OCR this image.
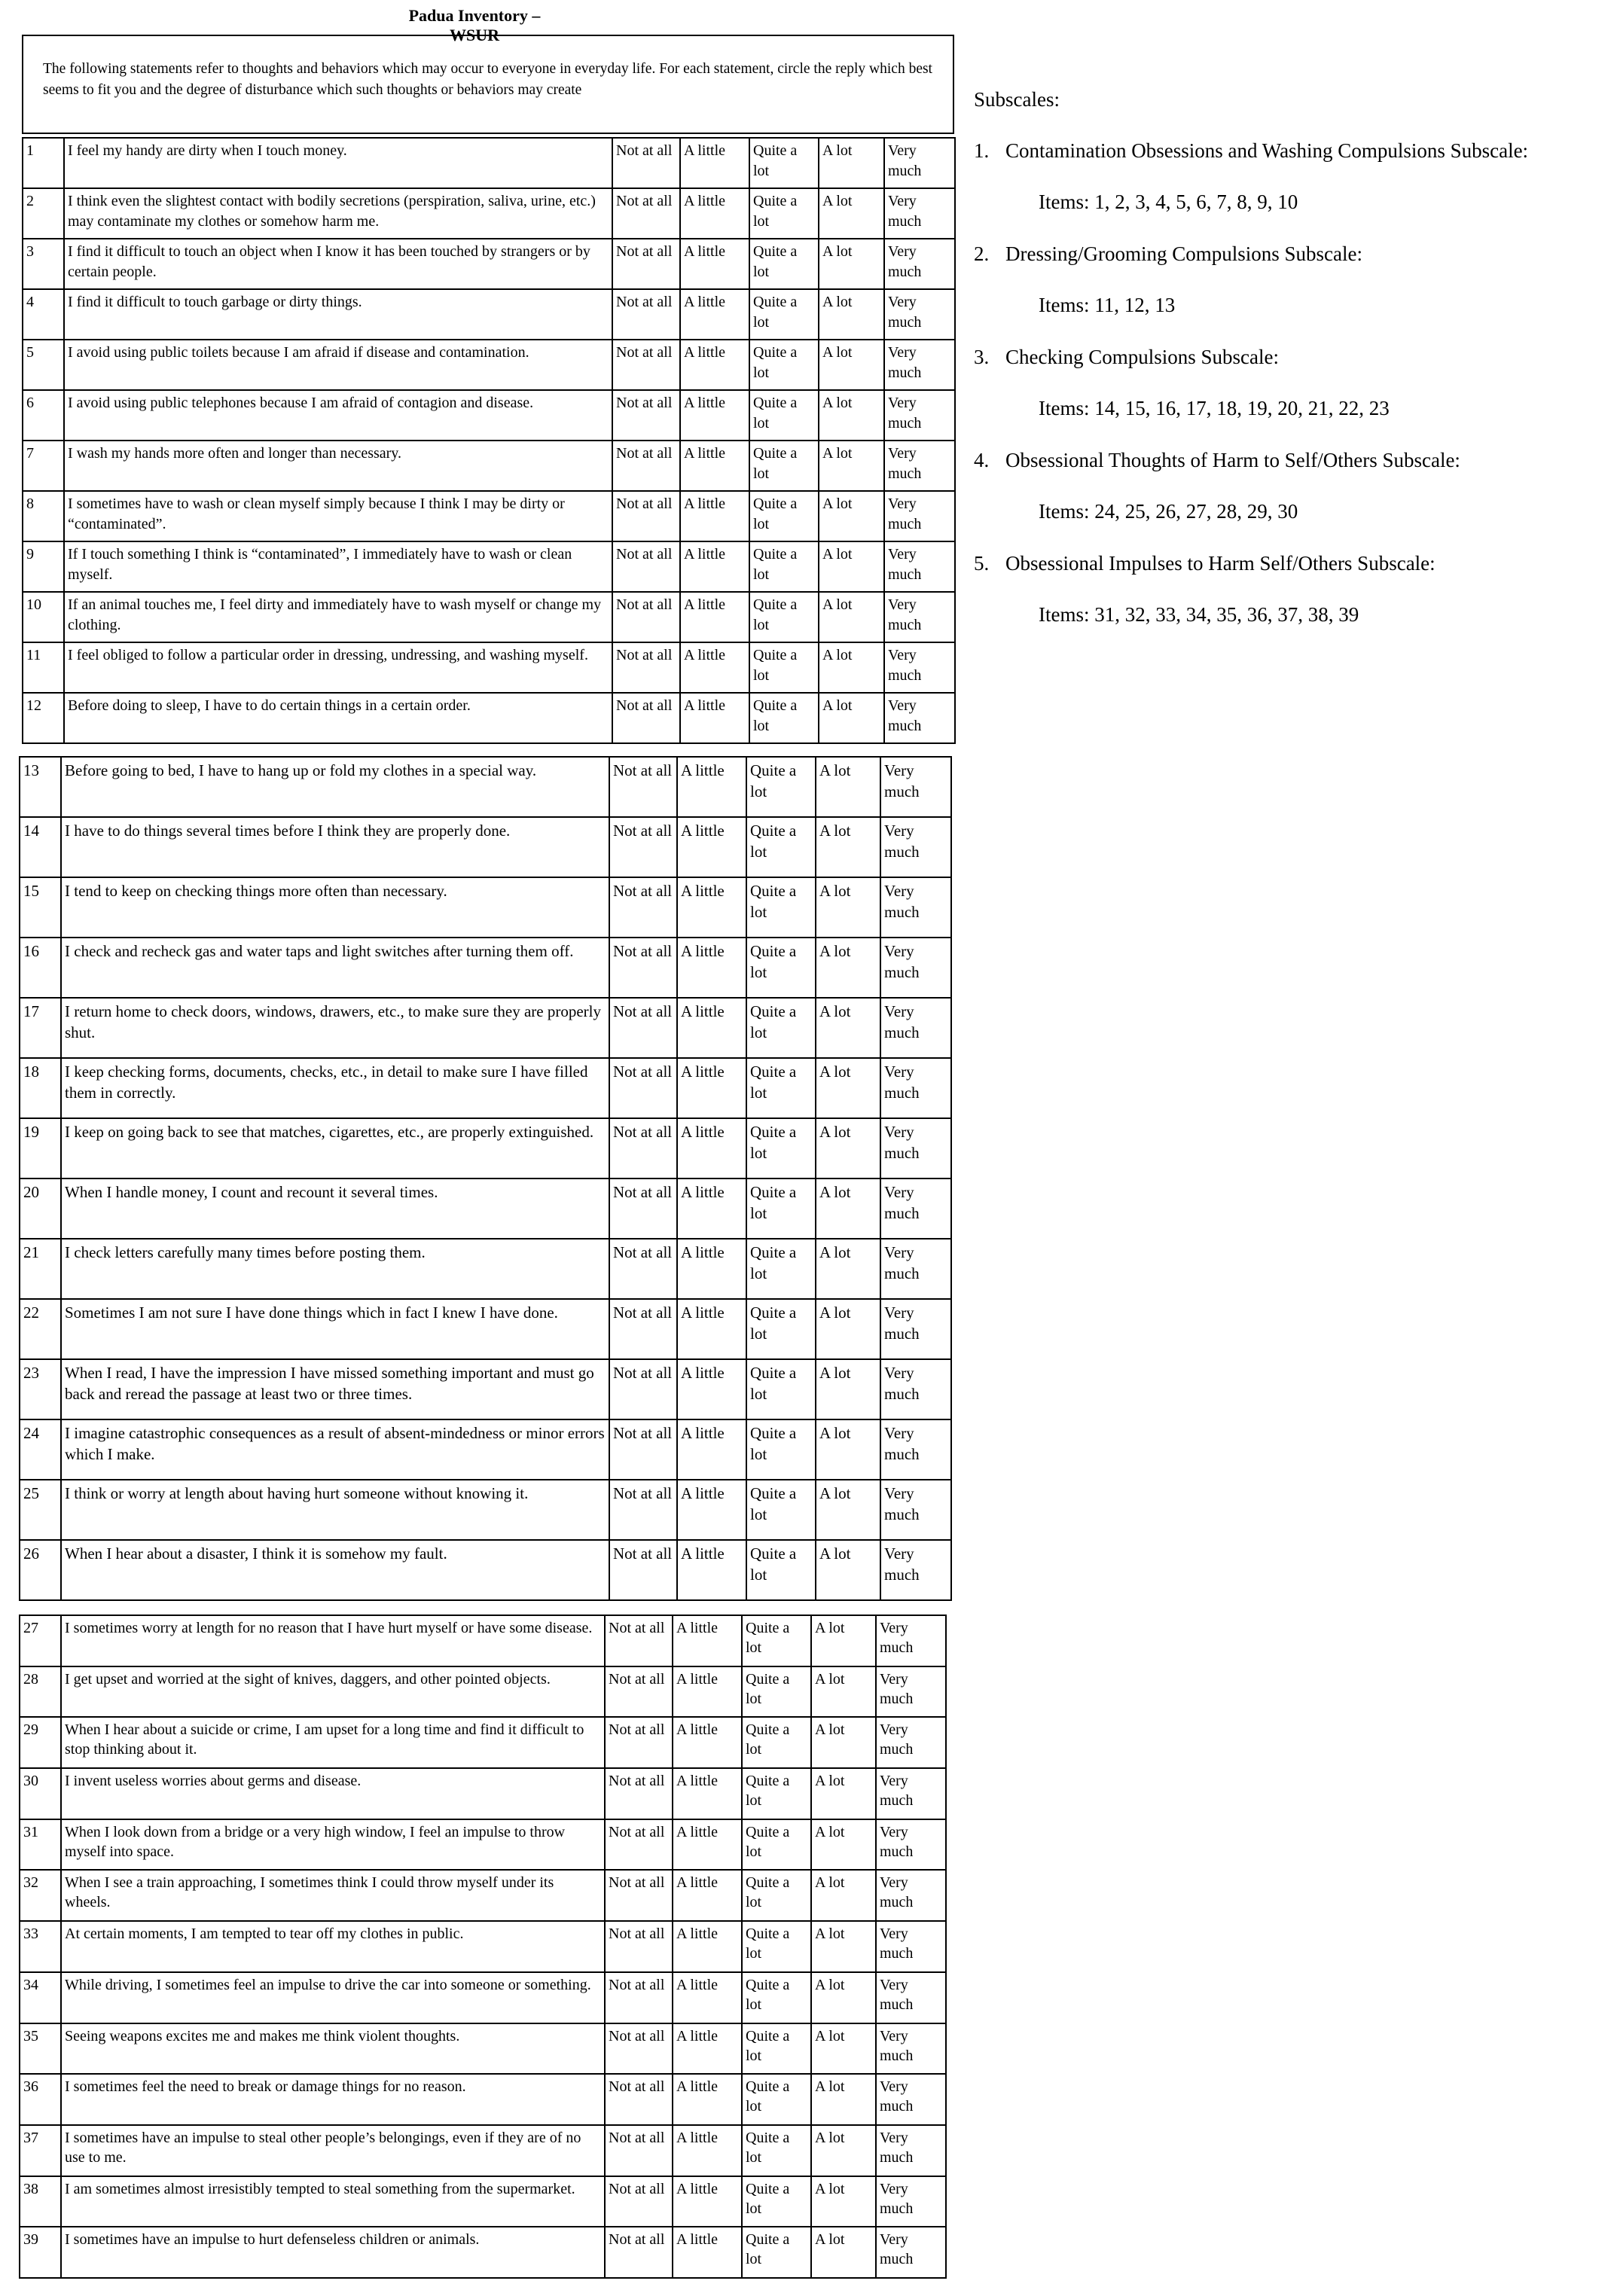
Padua Inventory – WSUR

The following statements refer to thoughts and behaviors which may occur to everyone in everyday life. For each statement, circle the reply which best seems to fit you and the degree of disturbance which such thoughts or behaviors may create

1	I feel my handy are dirty when I touch money.	Not at all	A little	Quite a lot	A lot	Very much
2	I think even the slightest contact with bodily secretions (perspiration, saliva, urine, etc.) may contaminate my clothes or somehow harm me.	Not at all	A little	Quite a lot	A lot	Very much
3	I find it difficult to touch an object when I know it has been touched by strangers or by certain people.	Not at all	A little	Quite a lot	A lot	Very much
4	I find it difficult to touch garbage or dirty things.	Not at all	A little	Quite a lot	A lot	Very much
5	I avoid using public toilets because I am afraid if disease and contamination.	Not at all	A little	Quite a lot	A lot	Very much
6	I avoid using public telephones because I am afraid of contagion and disease.	Not at all	A little	Quite a lot	A lot	Very much
7	I wash my hands more often and longer than necessary.	Not at all	A little	Quite a lot	A lot	Very much
8	I sometimes have to wash or clean myself simply because I think I may be dirty or “contaminated”.	Not at all	A little	Quite a lot	A lot	Very much
9	If I touch something I think is “contaminated”, I immediately have to wash or clean myself.	Not at all	A little	Quite a lot	A lot	Very much
10	If an animal touches me, I feel dirty and immediately have to wash myself or change my clothing.	Not at all	A little	Quite a lot	A lot	Very much
11	I feel obliged to follow a particular order in dressing, undressing, and washing myself.	Not at all	A little	Quite a lot	A lot	Very much
12	Before doing to sleep, I have to do certain things in a certain order.	Not at all	A little	Quite a lot	A lot	Very much
13	Before going to bed, I have to hang up or fold my clothes in a special way.	Not at all	A little	Quite a lot	A lot	Very much
14	I have to do things several times before I think they are properly done.	Not at all	A little	Quite a lot	A lot	Very much
15	I tend to keep on checking things more often than necessary.	Not at all	A little	Quite a lot	A lot	Very much
16	I check and recheck gas and water taps and light switches after turning them off.	Not at all	A little	Quite a lot	A lot	Very much
17	I return home to check doors, windows, drawers, etc., to make sure they are properly shut.	Not at all	A little	Quite a lot	A lot	Very much
18	I keep checking forms, documents, checks, etc., in detail to make sure I have filled them in correctly.	Not at all	A little	Quite a lot	A lot	Very much
19	I keep on going back to see that matches, cigarettes, etc., are properly extinguished.	Not at all	A little	Quite a lot	A lot	Very much
20	When I handle money, I count and recount it several times.	Not at all	A little	Quite a lot	A lot	Very much
21	I check letters carefully many times before posting them.	Not at all	A little	Quite a lot	A lot	Very much
22	Sometimes I am not sure I have done things which in fact I knew I have done.	Not at all	A little	Quite a lot	A lot	Very much
23	When I read, I have the impression I have missed something important and must go back and reread the passage at least two or three times.	Not at all	A little	Quite a lot	A lot	Very much
24	I imagine catastrophic consequences as a result of absent-mindedness or minor errors which I make.	Not at all	A little	Quite a lot	A lot	Very much
25	I think or worry at length about having hurt someone without knowing it.	Not at all	A little	Quite a lot	A lot	Very much
26	When I hear about a disaster, I think it is somehow my fault.	Not at all	A little	Quite a lot	A lot	Very much
27	I sometimes worry at length for no reason that I have hurt myself or have some disease.	Not at all	A little	Quite a lot	A lot	Very much
28	I get upset and worried at the sight of knives, daggers, and other pointed objects.	Not at all	A little	Quite a lot	A lot	Very much
29	When I hear about a suicide or crime, I am upset for a long time and find it difficult to stop thinking about it.	Not at all	A little	Quite a lot	A lot	Very much
30	I invent useless worries about germs and disease.	Not at all	A little	Quite a lot	A lot	Very much
31	When I look down from a bridge or a very high window, I feel an impulse to throw myself into space.	Not at all	A little	Quite a lot	A lot	Very much
32	When I see a train approaching, I sometimes think I could throw myself under its wheels.	Not at all	A little	Quite a lot	A lot	Very much
33	At certain moments, I am tempted to tear off my clothes in public.	Not at all	A little	Quite a lot	A lot	Very much
34	While driving, I sometimes feel an impulse to drive the car into someone or something.	Not at all	A little	Quite a lot	A lot	Very much
35	Seeing weapons excites me and makes me think violent thoughts.	Not at all	A little	Quite a lot	A lot	Very much
36	I sometimes feel the need to break or damage things for no reason.	Not at all	A little	Quite a lot	A lot	Very much
37	I sometimes have an impulse to steal other people’s belongings, even if they are of no use to me.	Not at all	A little	Quite a lot	A lot	Very much
38	I am sometimes almost irresistibly tempted to steal something from the supermarket.	Not at all	A little	Quite a lot	A lot	Very much
39	I sometimes have an impulse to hurt defenseless children or animals.	Not at all	A little	Quite a lot	A lot	Very much
Subscales:
1. Contamination Obsessions and Washing Compulsions Subscale:
Items: 1, 2, 3, 4, 5, 6, 7, 8, 9, 10
2. Dressing/Grooming Compulsions Subscale:
Items: 11, 12, 13
3. Checking Compulsions Subscale:
Items: 14, 15, 16, 17, 18, 19, 20, 21, 22, 23
4. Obsessional Thoughts of Harm to Self/Others Subscale:
Items: 24, 25, 26, 27, 28, 29, 30
5. Obsessional Impulses to Harm Self/Others Subscale:
Items: 31, 32, 33, 34, 35, 36, 37, 38, 39
